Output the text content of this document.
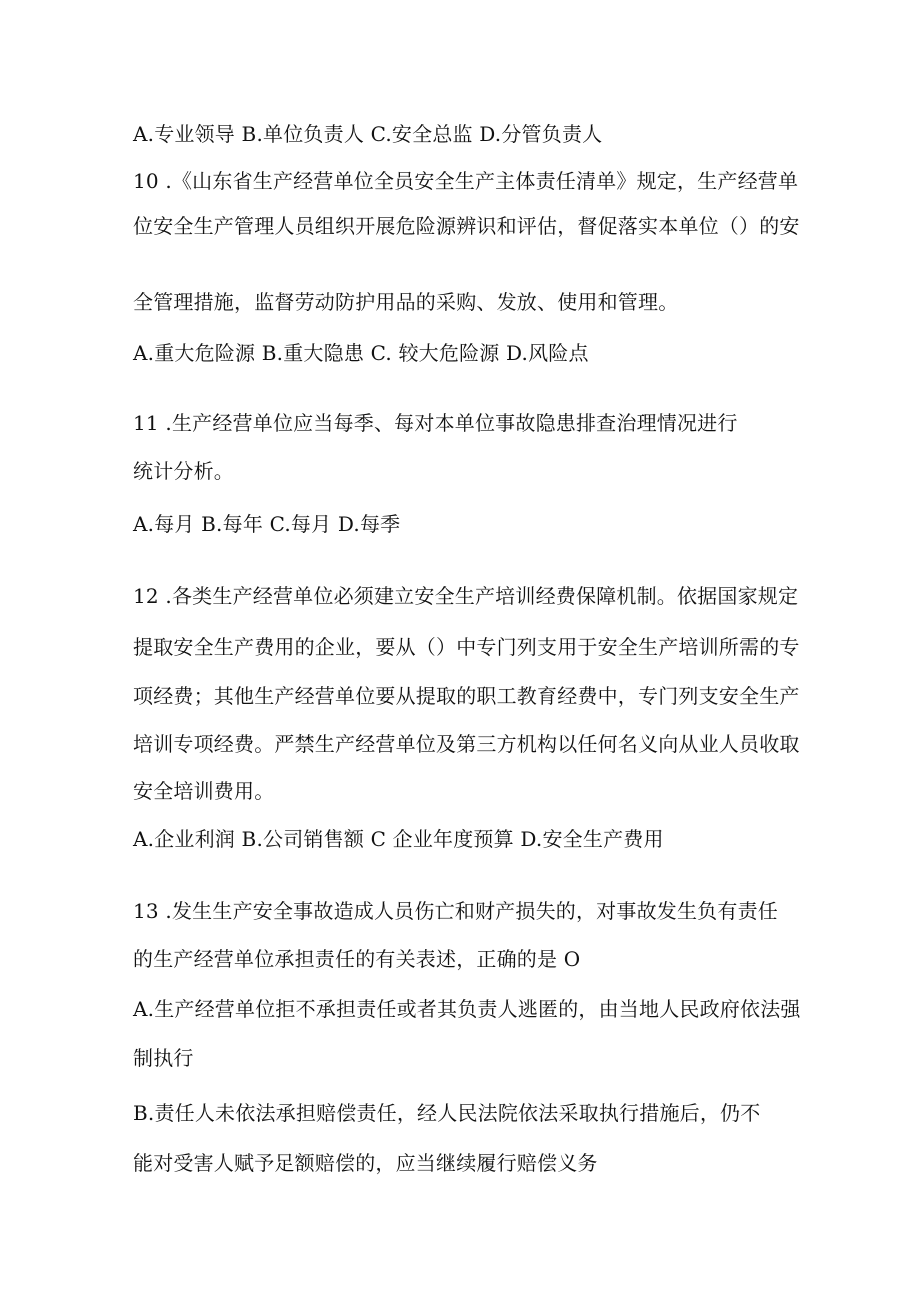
A.专业领导 B.单位负责人 C.安全总监 D.分管负责人
10 .《山东省生产经营单位全员安全生产主体责任清单》规定，生产经营单
位安全生产管理人员组织开展危险源辨识和评估，督促落实本单位（）的安
全管理措施，监督劳动防护用品的采购、发放、使用和管理。
A.重大危险源 B.重大隐患 C. 较大危险源 D.风险点
11 .生产经营单位应当每季、每对本单位事故隐患排查治理情况进行
统计分析。
A.每月 B.每年 C.每月 D.每季
12 .各类生产经营单位必须建立安全生产培训经费保障机制。依据国家规定
提取安全生产费用的企业，要从（）中专门列支用于安全生产培训所需的专
项经费；其他生产经营单位要从提取的职工教育经费中，专门列支安全生产
培训专项经费。严禁生产经营单位及第三方机构以任何名义向从业人员收取
安全培训费用。
A.企业利润 B.公司销售额 C 企业年度预算 D.安全生产费用
13 .发生生产安全事故造成人员伤亡和财产损失的，对事故发生负有责任
的生产经营单位承担责任的有关表述，正确的是 O
A.生产经营单位拒不承担责任或者其负责人逃匿的，由当地人民政府依法强
制执行
B.责任人未依法承担赔偿责任，经人民法院依法采取执行措施后，仍不
能对受害人赋予足额赔偿的，应当继续履行赔偿义务
